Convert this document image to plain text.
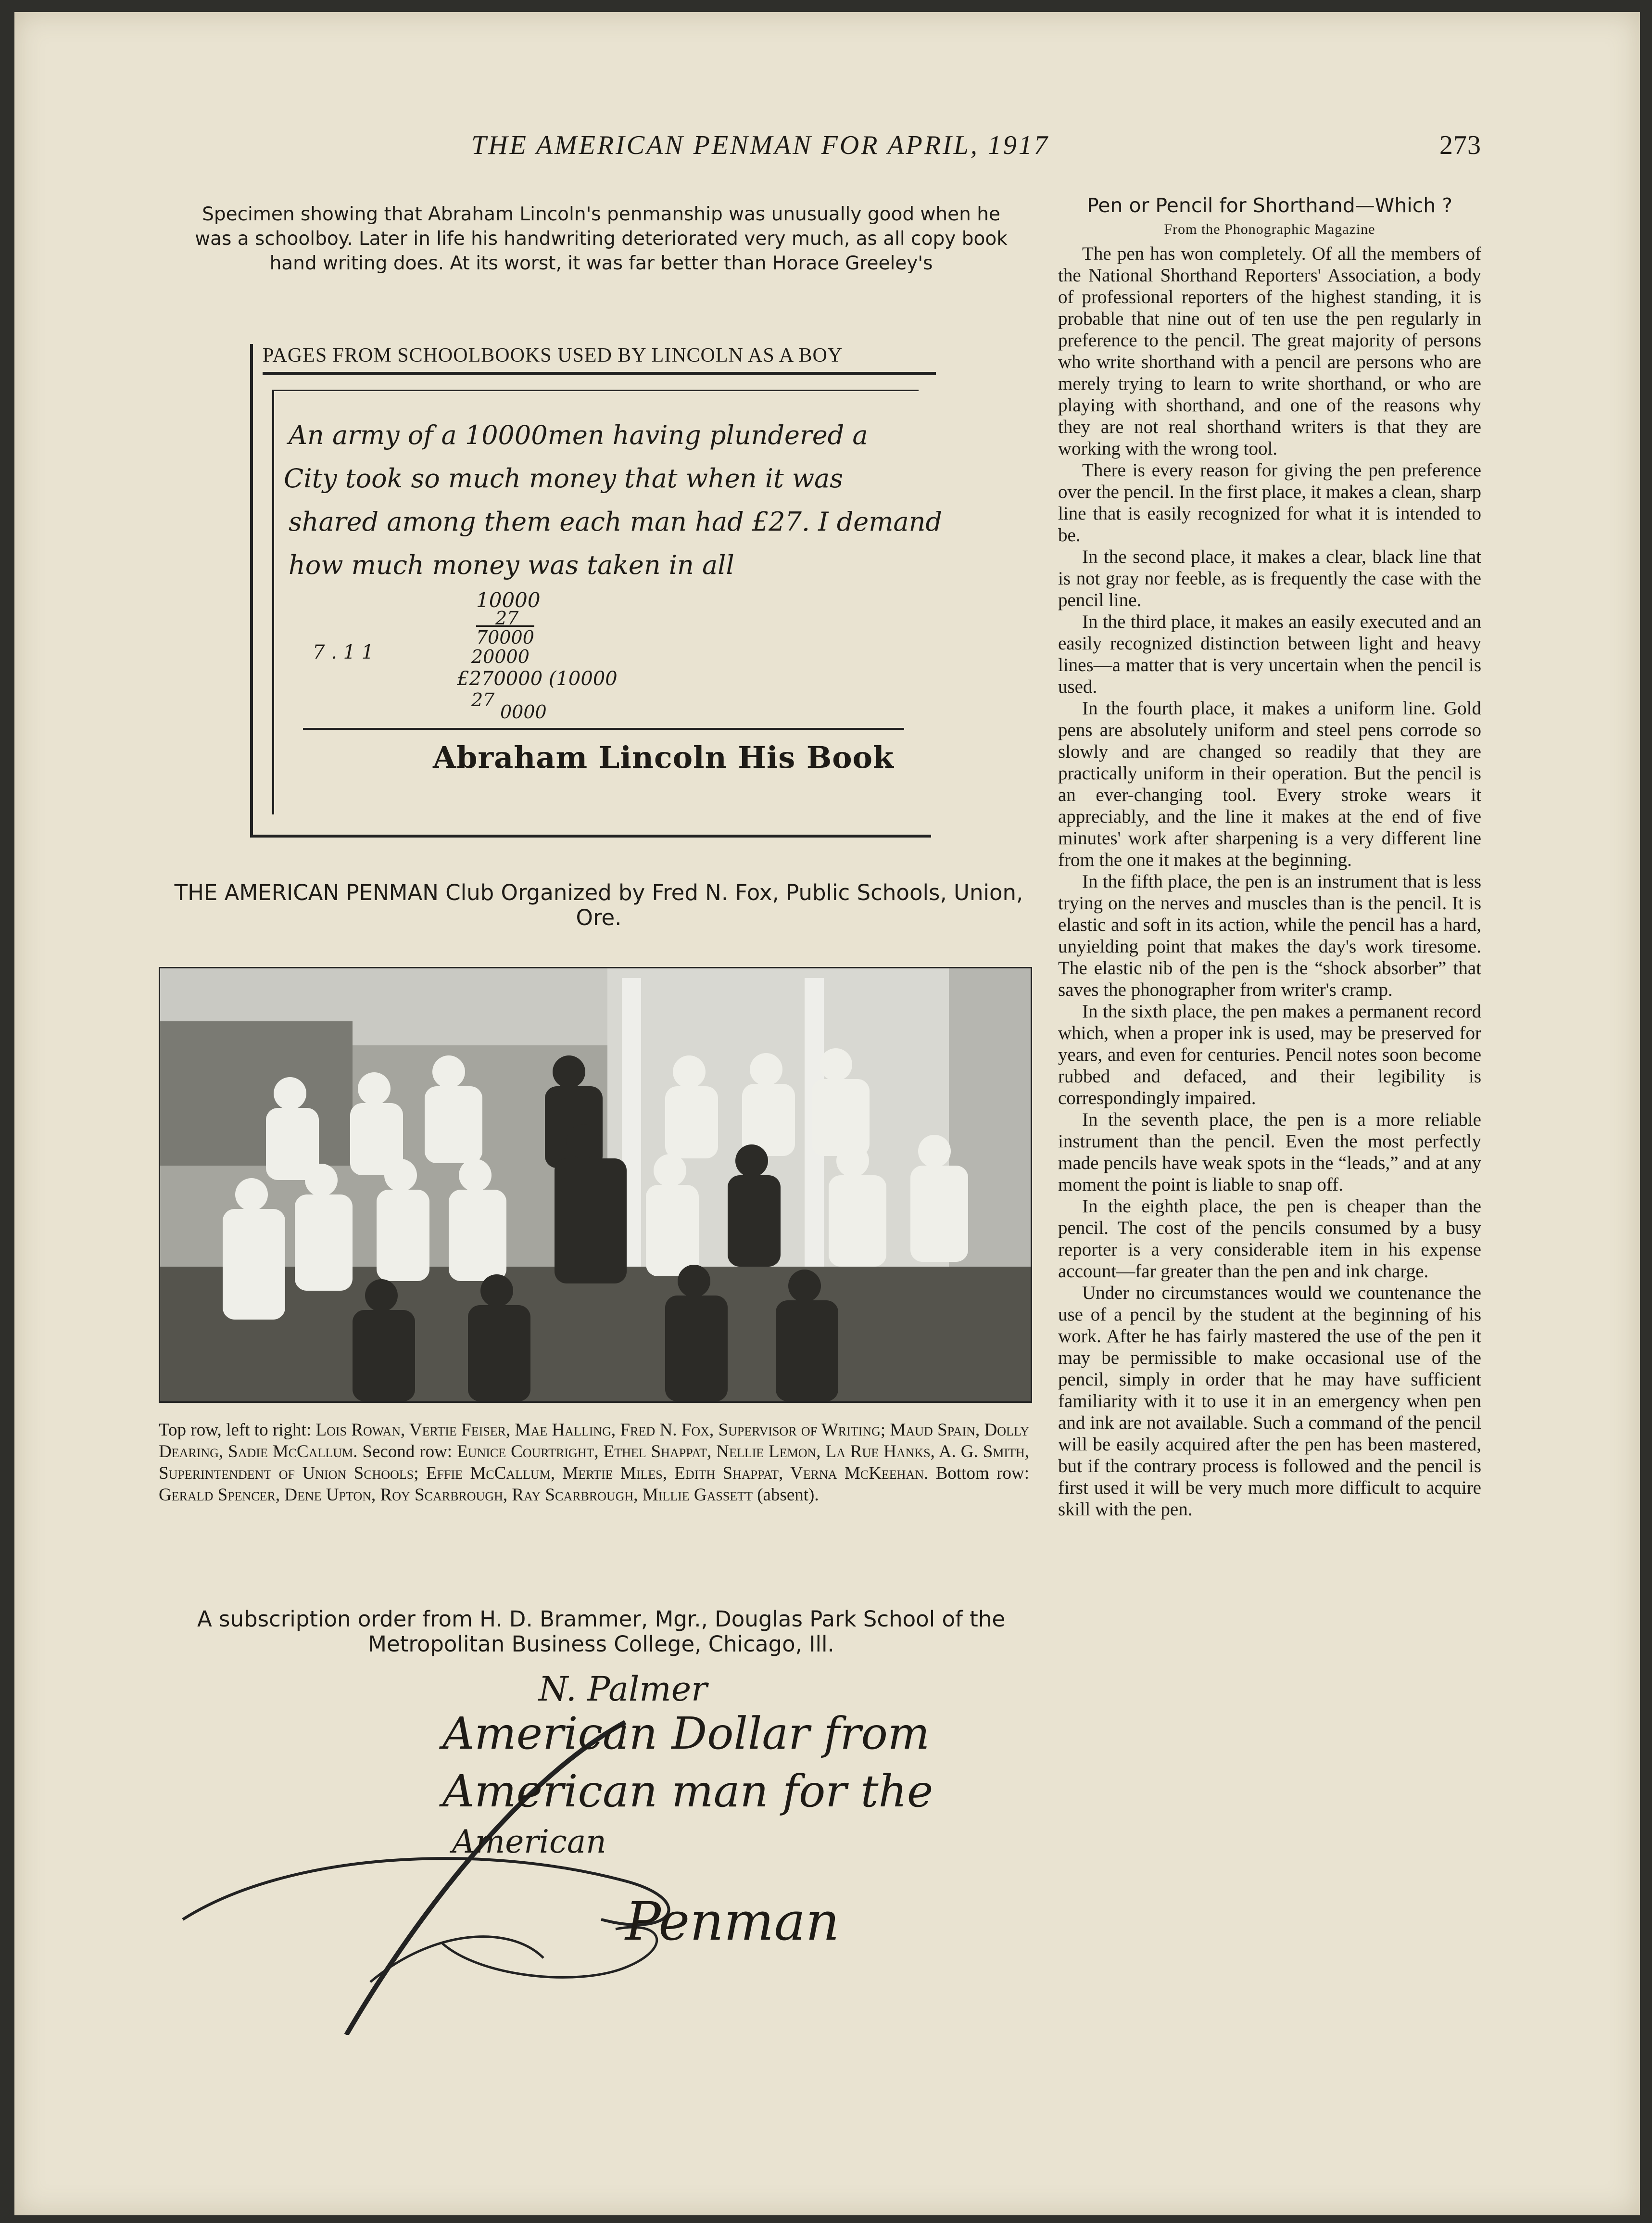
THE AMERICAN PENMAN FOR APRIL, 1917	273
Specimen showing that Abraham Lincoln's penmanship was unusually good when he was a schoolboy. Later in life his handwriting deteriorated very much, as all copy book hand writing does. At its worst, it was far better than Horace Greeley's
PAGES FROM SCHOOLBOOKS USED BY LINCOLN AS A BOY
An army of a 10000men having plundered a
City took so much money that when it was
shared among them each man had £27. I demand
how much money was taken in all
10000
27
70000
20000
£270000 (10000
27
0000
7 . 1 1
Abraham Lincoln His Book
THE AMERICAN PENMAN Club Organized by Fred N. Fox, Public Schools, Union, Ore.
Top row, left to right: Lois Rowan, Vertie Feiser, Mae Halling, Fred N. Fox, Supervisor of Writing; Maud Spain, Dolly Dearing, Sadie McCallum. Second row: Eunice Courtright, Ethel Shappat, Nellie Lemon, La Rue Hanks, A. G. Smith, Superintendent of Union Schools; Effie McCallum, Mertie Miles, Edith Shappat, Verna McKeehan. Bottom row: Gerald Spencer, Dene Upton, Roy Scarbrough, Ray Scarbrough, Millie Gassett (absent).
A subscription order from H. D. Brammer, Mgr., Douglas Park School of the Metropolitan Business College, Chicago, Ill.
N. Palmer
American Dollar from
American man for the
American
Penman
Pen or Pencil for Shorthand—Which ?
From the Phonographic Magazine

The pen has won completely. Of all the members of the National Shorthand Reporters' Association, a body of professional reporters of the highest standing, it is probable that nine out of ten use the pen regularly in preference to the pencil. The great majority of persons who write shorthand with a pencil are persons who are merely trying to learn to write shorthand, or who are playing with shorthand, and one of the reasons why they are not real shorthand writers is that they are working with the wrong tool.

There is every reason for giving the pen preference over the pencil. In the first place, it makes a clean, sharp line that is easily recognized for what it is intended to be.

In the second place, it makes a clear, black line that is not gray nor feeble, as is frequently the case with the pencil line.

In the third place, it makes an easily executed and an easily recognized distinction between light and heavy lines—a matter that is very uncertain when the pencil is used.

In the fourth place, it makes a uniform line. Gold pens are absolutely uniform and steel pens corrode so slowly and are changed so readily that they are practically uniform in their operation. But the pencil is an ever-changing tool. Every stroke wears it appreciably, and the line it makes at the end of five minutes' work after sharpening is a very different line from the one it makes at the beginning.

In the fifth place, the pen is an instrument that is less trying on the nerves and muscles than is the pencil. It is elastic and soft in its action, while the pencil has a hard, unyielding point that makes the day's work tiresome. The elastic nib of the pen is the “shock absorber” that saves the phonographer from writer's cramp.

In the sixth place, the pen makes a permanent record which, when a proper ink is used, may be preserved for years, and even for centuries. Pencil notes soon become rubbed and defaced, and their legibility is correspondingly impaired.

In the seventh place, the pen is a more reliable instrument than the pencil. Even the most perfectly made pencils have weak spots in the “leads,” and at any moment the point is liable to snap off.

In the eighth place, the pen is cheaper than the pencil. The cost of the pencils consumed by a busy reporter is a very considerable item in his expense account—far greater than the pen and ink charge.

Under no circumstances would we countenance the use of a pencil by the student at the beginning of his work. After he has fairly mastered the use of the pen it may be permissible to make occasional use of the pencil, simply in order that he may have sufficient familiarity with it to use it in an emergency when pen and ink are not available. Such a command of the pencil will be easily acquired after the pen has been mastered, but if the contrary process is followed and the pencil is first used it will be very much more difficult to acquire skill with the pen.
